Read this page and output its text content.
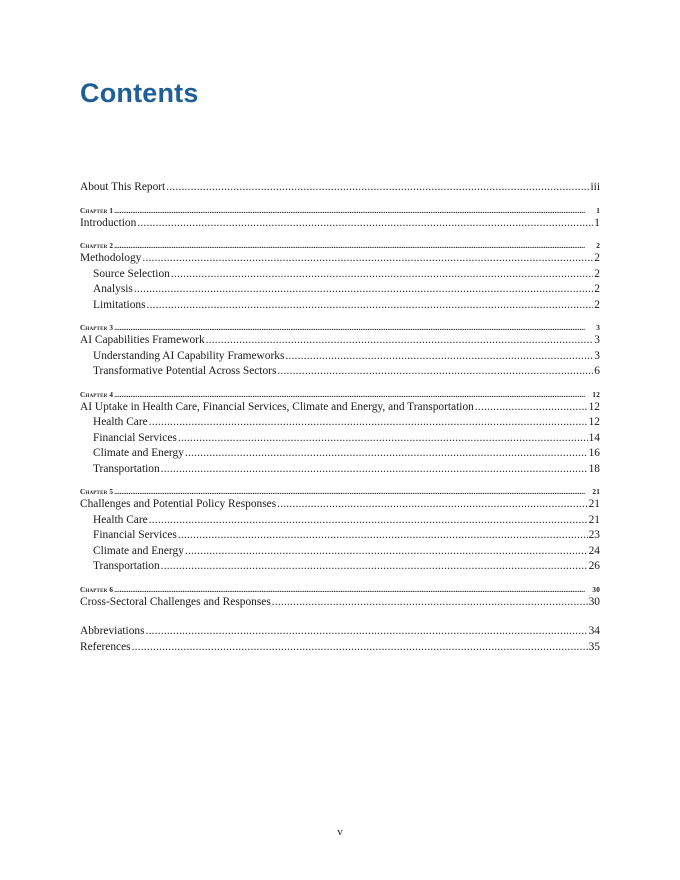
Contents
About This Report .....	iii
Chapter 1 .....	1
Introduction .....	1
Chapter 2 .....	2
Methodology .....	2
Source Selection .....	2
Analysis .....	2
Limitations .....	2
Chapter 3 .....	3
AI Capabilities Framework .....	3
Understanding AI Capability Frameworks .....	3
Transformative Potential Across Sectors .....	6
Chapter 4 .....	12
AI Uptake in Health Care, Financial Services, Climate and Energy, and Transportation .....	12
Health Care .....	12
Financial Services .....	14
Climate and Energy .....	16
Transportation .....	18
Chapter 5 .....	21
Challenges and Potential Policy Responses .....	21
Health Care .....	21
Financial Services .....	23
Climate and Energy .....	24
Transportation .....	26
Chapter 6 .....	30
Cross-Sectoral Challenges and Responses .....	30
Abbreviations .....	34
References .....	35
v
